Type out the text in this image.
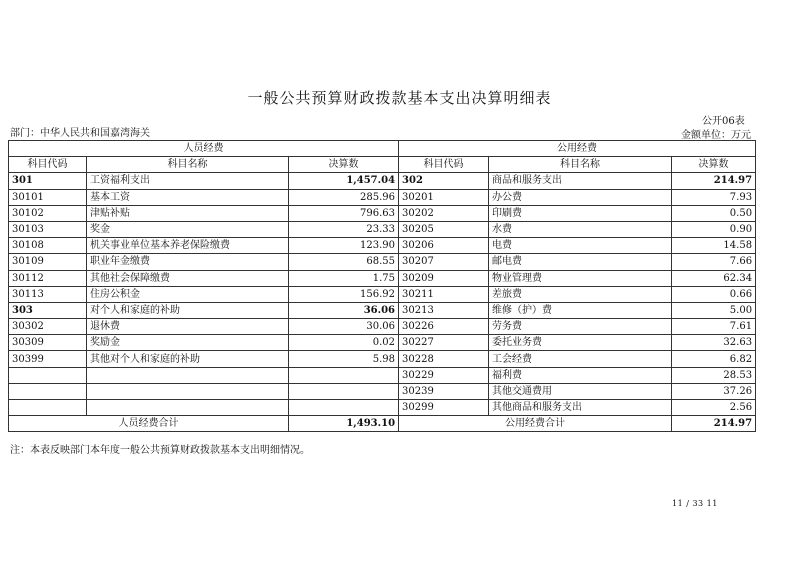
一般公共预算财政拨款基本支出决算明细表
公开06表
部门：中华人民共和国嘉湾海关	金额单位：万元
人员经费			公用经费		
科目代码	科目名称	决算数	科目代码	科目名称	决算数
301	工资福利支出	1,457.04	302	商品和服务支出	214.97
30101	基本工资	285.96	30201	办公费	7.93
30102	津贴补贴	796.63	30202	印刷费	0.50
30103	奖金	23.33	30205	水费	0.90
30108	机关事业单位基本养老保险缴费	123.90	30206	电费	14.58
30109	职业年金缴费	68.55	30207	邮电费	7.66
30112	其他社会保障缴费	1.75	30209	物业管理费	62.34
30113	住房公积金	156.92	30211	差旅费	0.66
303	对个人和家庭的补助	36.06	30213	维修（护）费	5.00
30302	退休费	30.06	30226	劳务费	7.61
30309	奖励金	0.02	30227	委托业务费	32.63
30399	其他对个人和家庭的补助	5.98	30228	工会经费	6.82
			30229	福利费	28.53
			30239	其他交通费用	37.26
			30299	其他商品和服务支出	2.56
人员经费合计		1,493.10	公用经费合计		214.97
注：本表反映部门本年度一般公共预算财政拨款基本支出明细情况。
11 / 33 11
